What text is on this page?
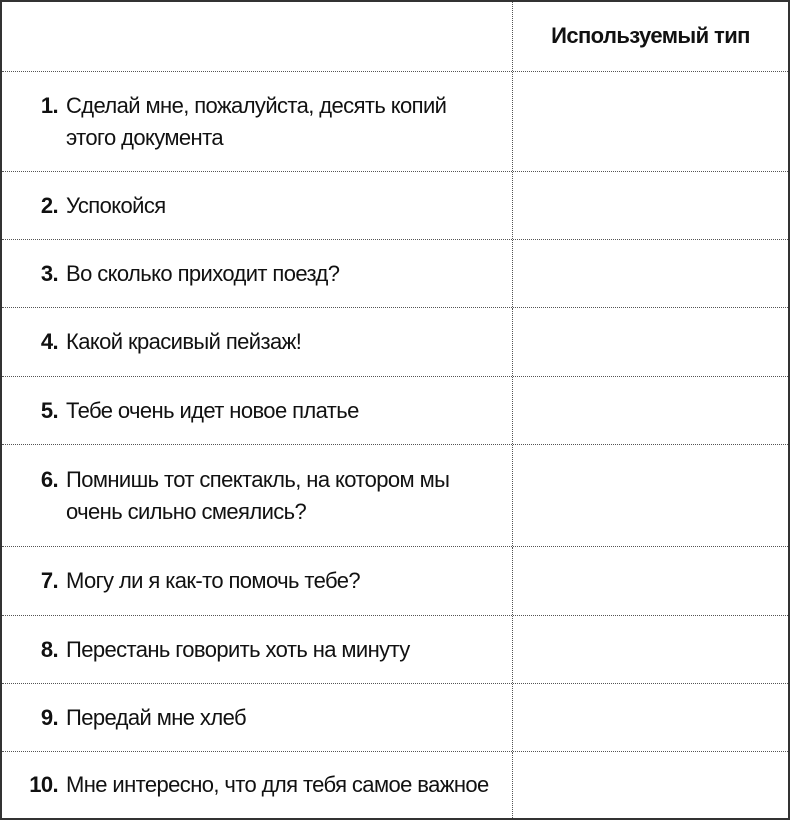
Используемый тип
1. Сделай мне, пожалуйста, десять копий этого документа
2. Успокойся
3. Во сколько приходит поезд?
4. Какой красивый пейзаж!
5. Тебе очень идет новое платье
6. Помнишь тот спектакль, на котором мы очень сильно смеялись?
7. Могу ли я как-то помочь тебе?
8. Перестань говорить хоть на минуту
9. Передай мне хлеб
10. Мне интересно, что для тебя самое важное
